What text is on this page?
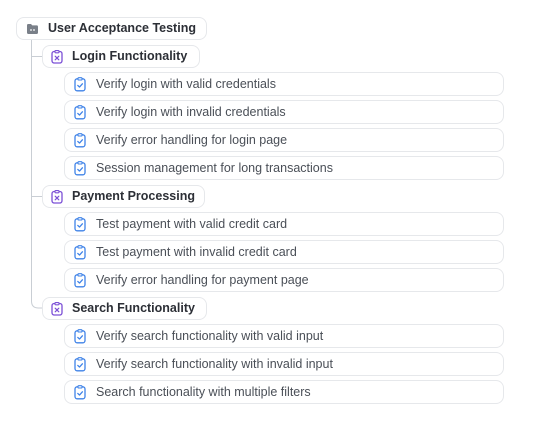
User Acceptance Testing
Login Functionality
Verify login with valid credentials
Verify login with invalid credentials
Verify error handling for login page
Session management for long transactions
Payment Processing
Test payment with valid credit card
Test payment with invalid credit card
Verify error handling for payment page
Search Functionality
Verify search functionality with valid input
Verify search functionality with invalid input
Search functionality with multiple filters
